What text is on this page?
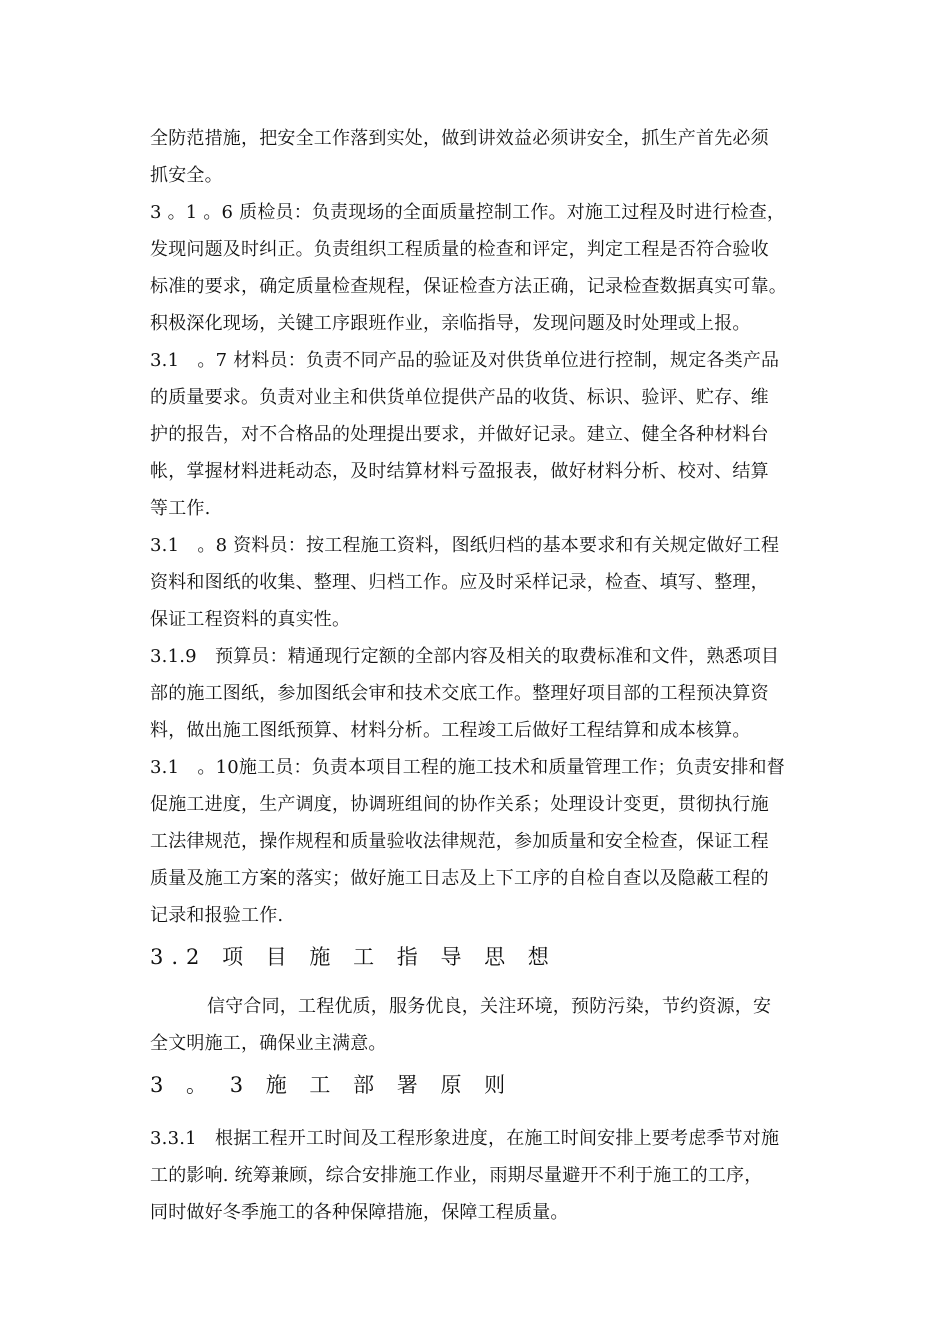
全防范措施，把安全工作落到实处，做到讲效益必须讲安全，抓生产首先必须
抓安全。
3 。1 。6 质检员：负责现场的全面质量控制工作。对施工过程及时进行检查，
发现问题及时纠正。负责组织工程质量的检查和评定，判定工程是否符合验收
标准的要求，确定质量检查规程，保证检查方法正确，记录检查数据真实可靠。
积极深化现场，关键工序跟班作业，亲临指导，发现问题及时处理或上报。
3.1　。7 材料员：负责不同产品的验证及对供货单位进行控制，规定各类产品
的质量要求。负责对业主和供货单位提供产品的收货、标识、验评、贮存、维
护的报告，对不合格品的处理提出要求，并做好记录。建立、健全各种材料台
帐，掌握材料进耗动态，及时结算材料亏盈报表，做好材料分析、校对、结算
等工作.
3.1　。8 资料员：按工程施工资料，图纸归档的基本要求和有关规定做好工程
资料和图纸的收集、整理、归档工作。应及时采样记录，检查、填写、整理，
保证工程资料的真实性。
3.1.9　预算员：精通现行定额的全部内容及相关的取费标准和文件，熟悉项目
部的施工图纸，参加图纸会审和技术交底工作。整理好项目部的工程预决算资
料，做出施工图纸预算、材料分析。工程竣工后做好工程结算和成本核算。
3.1　。10施工员：负责本项目工程的施工技术和质量管理工作；负责安排和督
促施工进度，生产调度，协调班组间的协作关系；处理设计变更，贯彻执行施
工法律规范，操作规程和质量验收法律规范，参加质量和安全检查，保证工程
质量及施工方案的落实；做好施工日志及上下工序的自检自查以及隐蔽工程的
记录和报验工作.
3.2 项 目 施 工 指 导 思 想
信守合同，工程优质，服务优良，关注环境，预防污染，节约资源，安
全文明施工，确保业主满意。
3 。 3 施 工 部 署 原 则
3.3.1　根据工程开工时间及工程形象进度，在施工时间安排上要考虑季节对施
工的影响. 统筹兼顾，综合安排施工作业，雨期尽量避开不利于施工的工序，
同时做好冬季施工的各种保障措施，保障工程质量。
